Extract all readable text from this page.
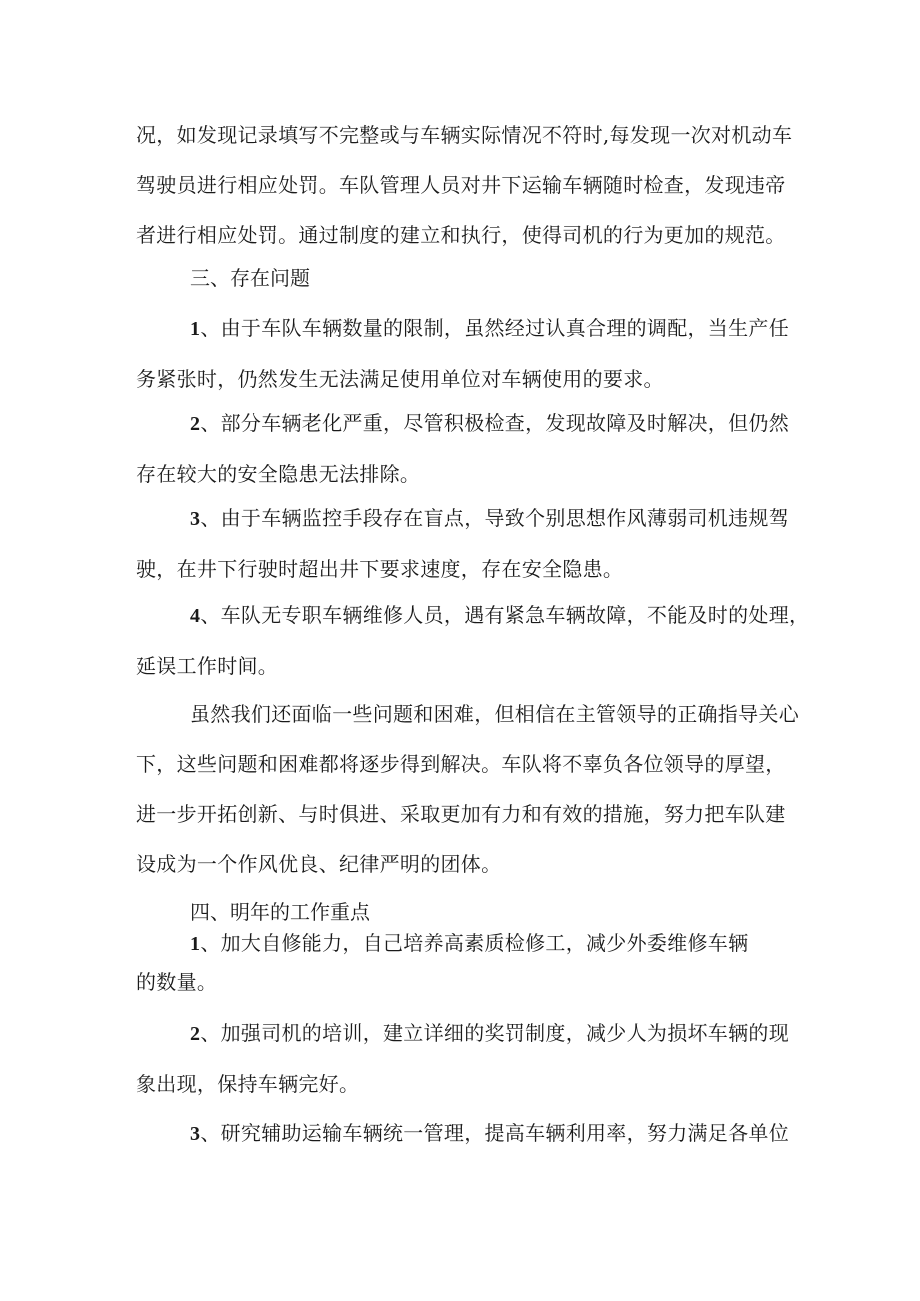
况，如发现记录填写不完整或与车辆实际情况不符时,每发现一次对机动车
驾驶员进行相应处罚。车队管理人员对井下运输车辆随时检查，发现违帝
者进行相应处罚。通过制度的建立和执行，使得司机的行为更加的规范。
三、存在问题
1、由于车队车辆数量的限制，虽然经过认真合理的调配，当生产任
务紧张时，仍然发生无法满足使用单位对车辆使用的要求。
2、部分车辆老化严重，尽管积极检查，发现故障及时解决，但仍然
存在较大的安全隐患无法排除。
3、由于车辆监控手段存在盲点，导致个别思想作风薄弱司机违规驾
驶，在井下行驶时超出井下要求速度，存在安全隐患。
4、车队无专职车辆维修人员，遇有紧急车辆故障，不能及时的处理，
延误工作时间。
虽然我们还面临一些问题和困难，但相信在主管领导的正确指导关心
下，这些问题和困难都将逐步得到解决。车队将不辜负各位领导的厚望，
进一步开拓创新、与时俱进、采取更加有力和有效的措施，努力把车队建
设成为一个作风优良、纪律严明的团体。
四、明年的工作重点
1、加大自修能力，自己培养高素质检修工，减少外委维修车辆
的数量。
2、加强司机的培训，建立详细的奖罚制度，减少人为损坏车辆的现
象出现，保持车辆完好。
3、研究辅助运输车辆统一管理，提高车辆利用率，努力满足各单位
